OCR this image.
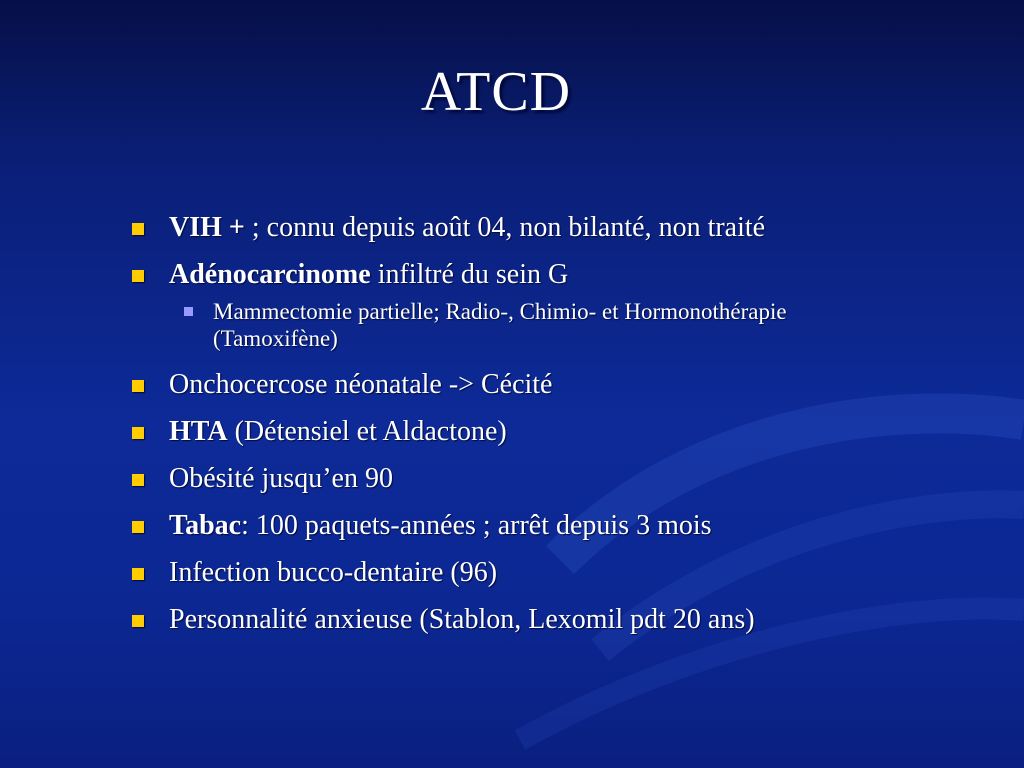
ATCD
VIH + ; connu depuis août 04, non bilanté, non traité
Adénocarcinome infiltré du sein G
Mammectomie partielle; Radio-, Chimio- et Hormonothérapie (Tamoxifène)
Onchocercose néonatale -> Cécité
HTA (Détensiel et Aldactone)
Obésité jusqu’en 90
Tabac: 100 paquets-années ; arrêt depuis 3 mois
Infection bucco-dentaire (96)
Personnalité anxieuse (Stablon, Lexomil pdt 20 ans)
